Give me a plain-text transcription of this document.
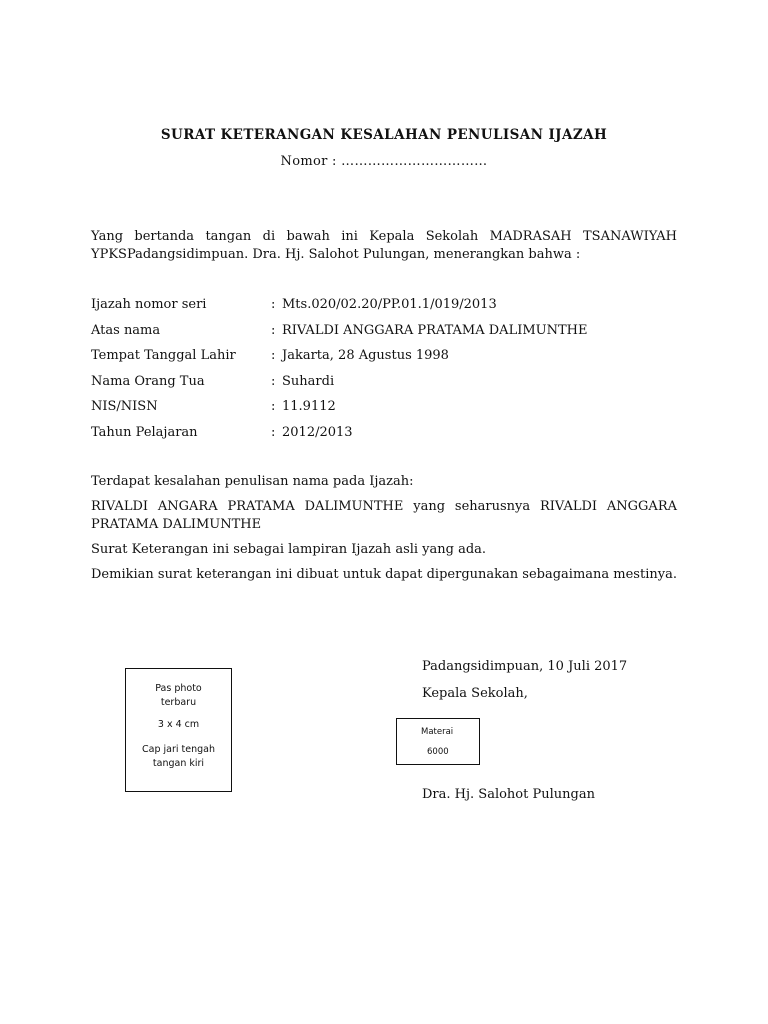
SURAT KETERANGAN KESALAHAN PENULISAN IJAZAH
Nomor : ……………………………
Yang bertanda tangan di bawah ini Kepala Sekolah MADRASAH TSANAWIYAH YPKSPadangsidimpuan. Dra. Hj. Salohot Pulungan, menerangkan bahwa :
Ijazah nomor seri	: Mts.020/02.20/PP.01.1/019/2013
Atas nama	: RIVALDI ANGGARA PRATAMA DALIMUNTHE
Tempat Tanggal Lahir	: Jakarta, 28 Agustus 1998
Nama Orang Tua	: Suhardi
NIS/NISN	: 11.9112
Tahun Pelajaran	: 2012/2013
Terdapat kesalahan penulisan nama pada Ijazah:
RIVALDI ANGARA PRATAMA DALIMUNTHE yang seharusnya RIVALDI ANGGARA PRATAMA DALIMUNTHE
Surat Keterangan ini sebagai lampiran Ijazah asli yang ada.
Demikian surat keterangan ini dibuat untuk dapat dipergunakan sebagaimana mestinya.
Pas photo
terbaru
3 x 4 cm
Cap jari tengah
tangan kiri
Padangsidimpuan, 10 Juli 2017
Kepala Sekolah,
Materai
6000
Dra. Hj. Salohot Pulungan
